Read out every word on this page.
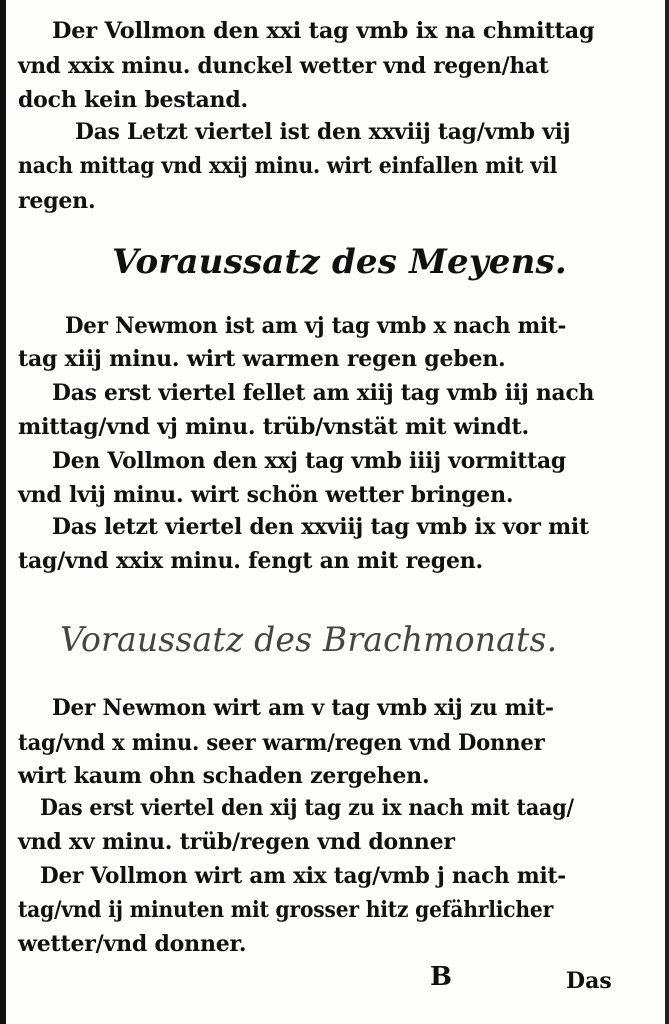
Der Vollmon den xxi tag vmb ix na chmittag
vnd xxix minu. dunckel wetter vnd regen/hat
doch kein bestand.
Das Letzt viertel ist den xxviij tag/vmb vij
nach mittag vnd xxij minu. wirt einfallen mit vil
regen.
Voraussatz des Meyens.
Der Newmon ist am vj tag vmb x nach mit-
tag xiij minu. wirt warmen regen geben.
Das erst viertel fellet am xiij tag vmb iij nach
mittag/vnd vj minu. trüb/vnstät mit windt.
Den Vollmon den xxj tag vmb iiij vormittag
vnd lvij minu. wirt schön wetter bringen.
Das letzt viertel den xxviij tag vmb ix vor mit
tag/vnd xxix minu. fengt an mit regen.
Voraussatz des Brachmonats.
Der Newmon wirt am v tag vmb xij zu mit-
tag/vnd x minu. seer warm/regen vnd Donner
wirt kaum ohn schaden zergehen.
Das erst viertel den xij tag zu ix nach mit taag/
vnd xv minu. trüb/regen vnd donner
Der Vollmon wirt am xix tag/vmb j nach mit-
tag/vnd ij minuten mit grosser hitz gefährlicher
wetter/vnd donner.
B	Das
